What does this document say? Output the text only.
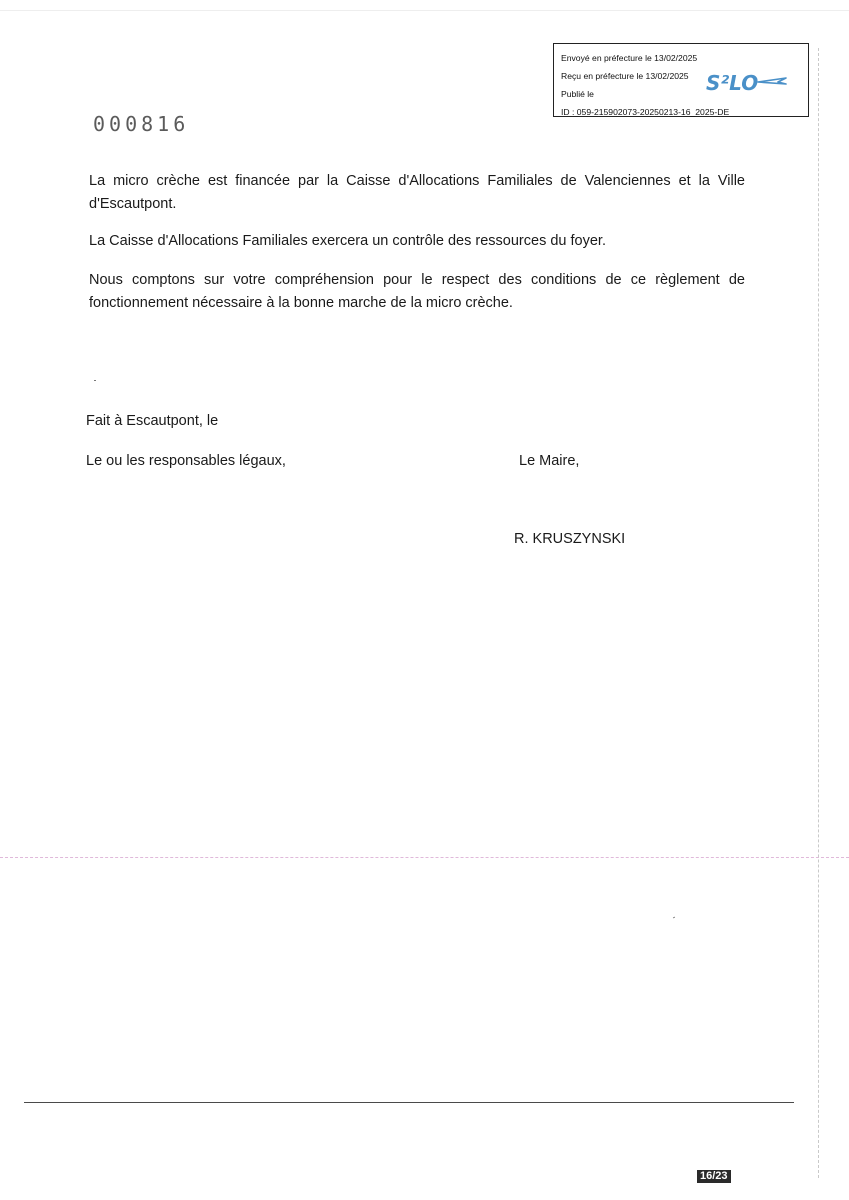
Envoyé en préfecture le 13/02/2025
Reçu en préfecture le 13/02/2025
Publié le
ID : 059-215902073-20250213-16_2025-DE
S²LO
000816
La micro crèche est financée par la Caisse d'Allocations Familiales de Valenciennes et la Ville d'Escautpont.
La Caisse d'Allocations Familiales exercera un contrôle des ressources du foyer.
Nous comptons sur votre compréhension pour le respect des conditions de ce règlement de fonctionnement nécessaire à la bonne marche de la micro crèche.
Fait à Escautpont, le
Le ou les responsables légaux,	Le Maire,
R. KRUSZYNSKI
16/23
